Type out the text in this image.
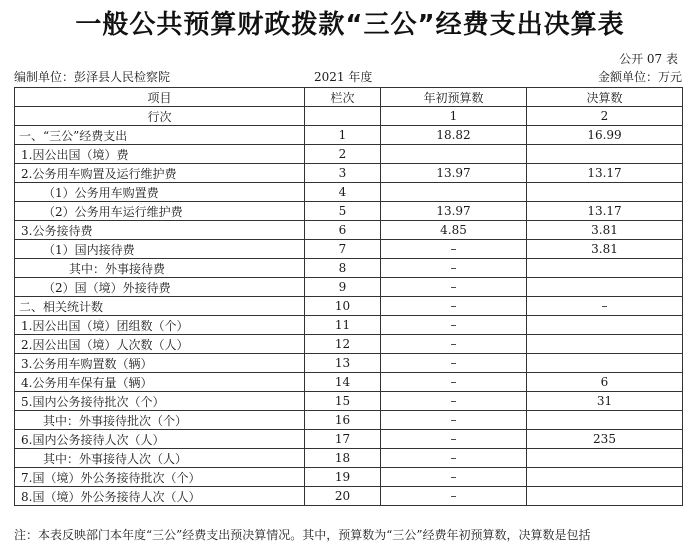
一般公共预算财政拨款“三公”经费支出决算表
公开 07 表
编制单位：彭泽县人民检察院	2021 年度	金额单位：万元
项目	栏次	年初预算数	决算数
行次		1	2
一、“三公”经费支出	1	18.82	16.99
1.因公出国（境）费	2		
2.公务用车购置及运行维护费	3	13.97	13.17
（1）公务用车购置费	4		
（2）公务用车运行维护费	5	13.97	13.17
3.公务接待费	6	4.85	3.81
（1）国内接待费	7	–	3.81
其中：外事接待费	8	–	
（2）国（境）外接待费	9	–	
二、相关统计数	10	–	–
1.因公出国（境）团组数（个）	11	–	
2.因公出国（境）人次数（人）	12	–	
3.公务用车购置数（辆）	13	–	
4.公务用车保有量（辆）	14	–	6
5.国内公务接待批次（个）	15	–	31
其中：外事接待批次（个）	16	–	
6.国内公务接待人次（人）	17	–	235
其中：外事接待人次（人）	18	–	
7.国（境）外公务接待批次（个）	19	–	
8.国（境）外公务接待人次（人）	20	–	
注：本表反映部门本年度“三公”经费支出预决算情况。其中，预算数为“三公”经费年初预算数，决算数是包括
